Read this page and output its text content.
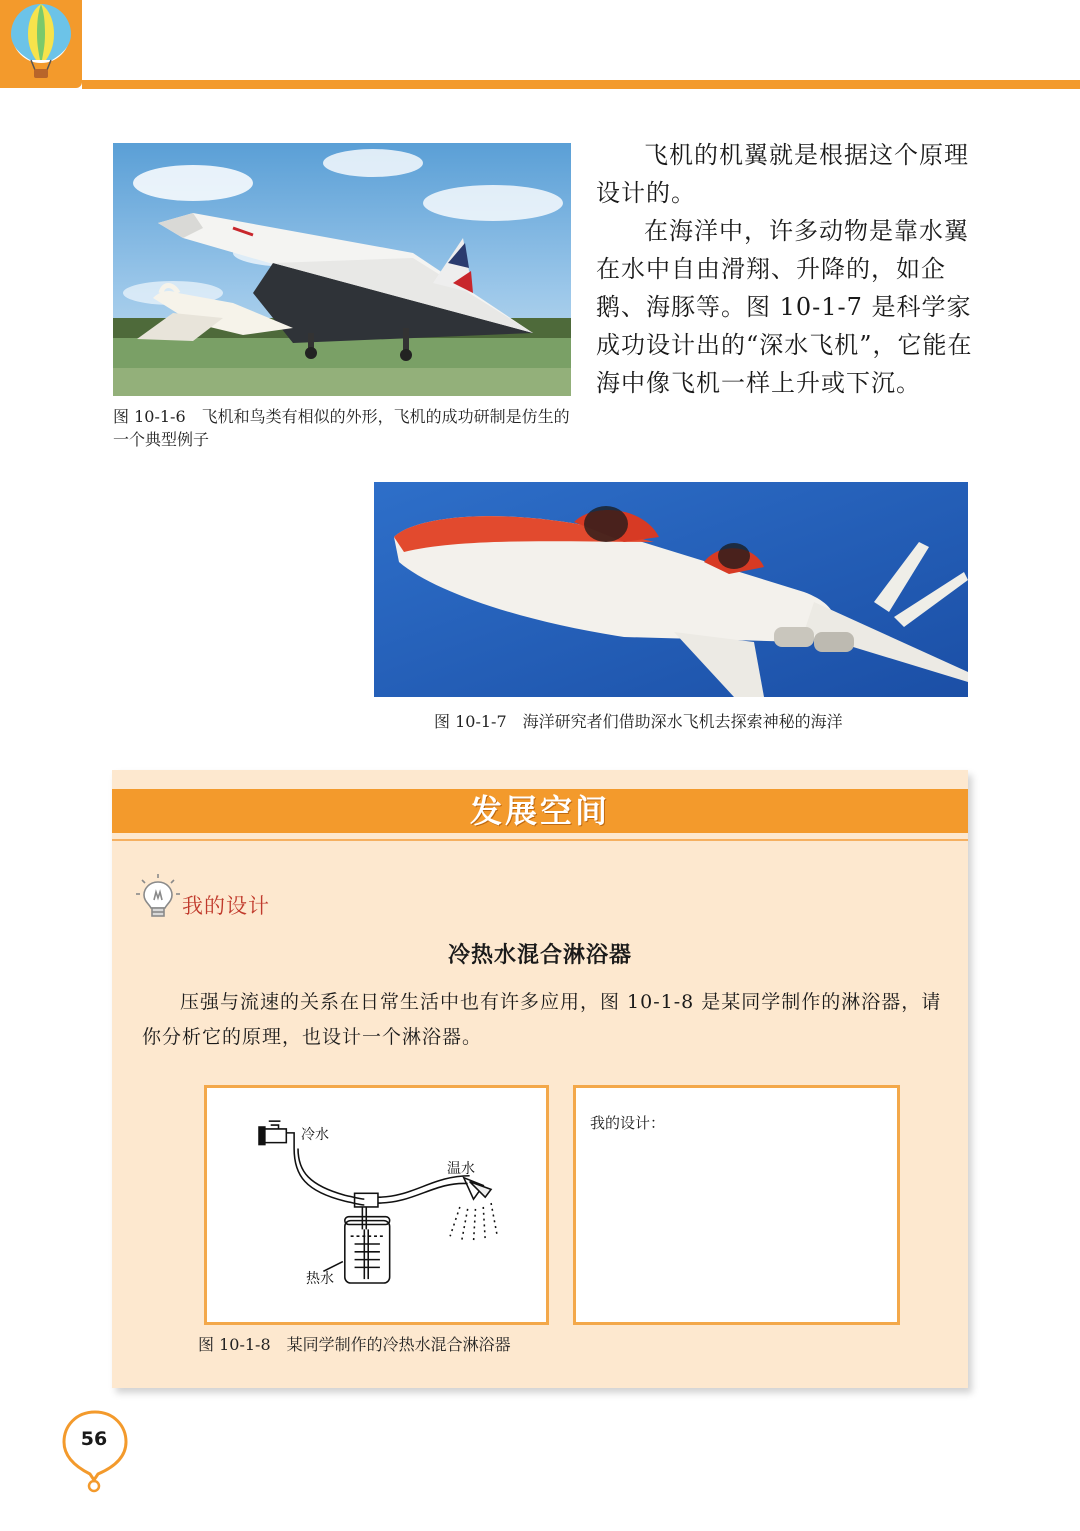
图 10-1-6　飞机和鸟类有相似的外形，飞机的成功研制是仿生的一个典型例子

飞机的机翼就是根据这个原理设计的。

在海洋中，许多动物是靠水翼在水中自由滑翔、升降的，如企鹅、海豚等。图 10-1-7 是科学家成功设计出的“深水飞机”，它能在海中像飞机一样上升或下沉。

图 10-1-7　海洋研究者们借助深水飞机去探索神秘的海洋
发展空间
我的设计
冷热水混合淋浴器

压强与流速的关系在日常生活中也有许多应用，图 10-1-8 是某同学制作的淋浴器，请你分析它的原理，也设计一个淋浴器。

冷水
温水
热水
我的设计：
图 10-1-8　某同学制作的冷热水混合淋浴器
56
